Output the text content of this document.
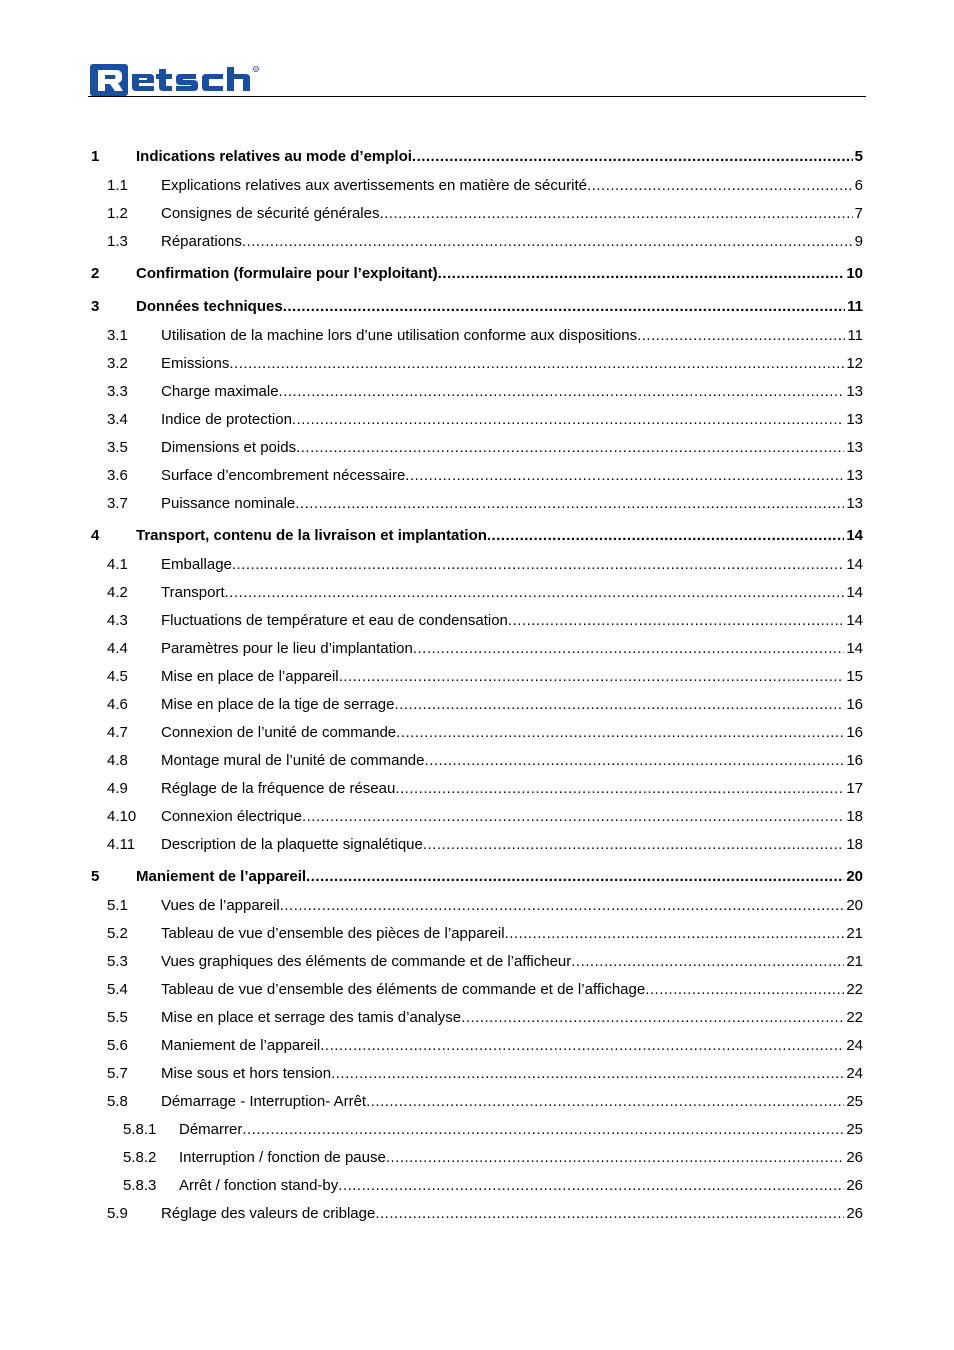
R
1 Indications relatives au mode d’emploi .....	5
1.1 Explications relatives aux avertissements en matière de sécurité .....	6
1.2 Consignes de sécurité générales .....	7
1.3 Réparations .....	9
2 Confirmation (formulaire pour l’exploitant) .....	10
3 Données techniques .....	11
3.1 Utilisation de la machine lors d’une utilisation conforme aux dispositions .....	11
3.2 Emissions .....	12
3.3 Charge maximale .....	13
3.4 Indice de protection .....	13
3.5 Dimensions et poids .....	13
3.6 Surface d’encombrement nécessaire .....	13
3.7 Puissance nominale .....	13
4 Transport, contenu de la livraison et implantation .....	14
4.1 Emballage .....	14
4.2 Transport .....	14
4.3 Fluctuations de température et eau de condensation .....	14
4.4 Paramètres pour le lieu d’implantation .....	14
4.5 Mise en place de l’appareil .....	15
4.6 Mise en place de la tige de serrage .....	16
4.7 Connexion de l’unité de commande .....	16
4.8 Montage mural de l’unité de commande .....	16
4.9 Réglage de la fréquence de réseau .....	17
4.10 Connexion électrique .....	18
4.11 Description de la plaquette signalétique .....	18
5 Maniement de l’appareil .....	20
5.1 Vues de l’appareil .....	20
5.2 Tableau de vue d’ensemble des pièces de l’appareil .....	21
5.3 Vues graphiques des éléments de commande et de l’afficheur .....	21
5.4 Tableau de vue d’ensemble des éléments de commande et de l’affichage .....	22
5.5 Mise en place et serrage des tamis d’analyse .....	22
5.6 Maniement de l’appareil .....	24
5.7 Mise sous et hors tension .....	24
5.8 Démarrage - Interruption- Arrêt .....	25
5.8.1 Démarrer .....	25
5.8.2 Interruption / fonction de pause .....	26
5.8.3 Arrêt / fonction stand-by .....	26
5.9 Réglage des valeurs de criblage .....	26
